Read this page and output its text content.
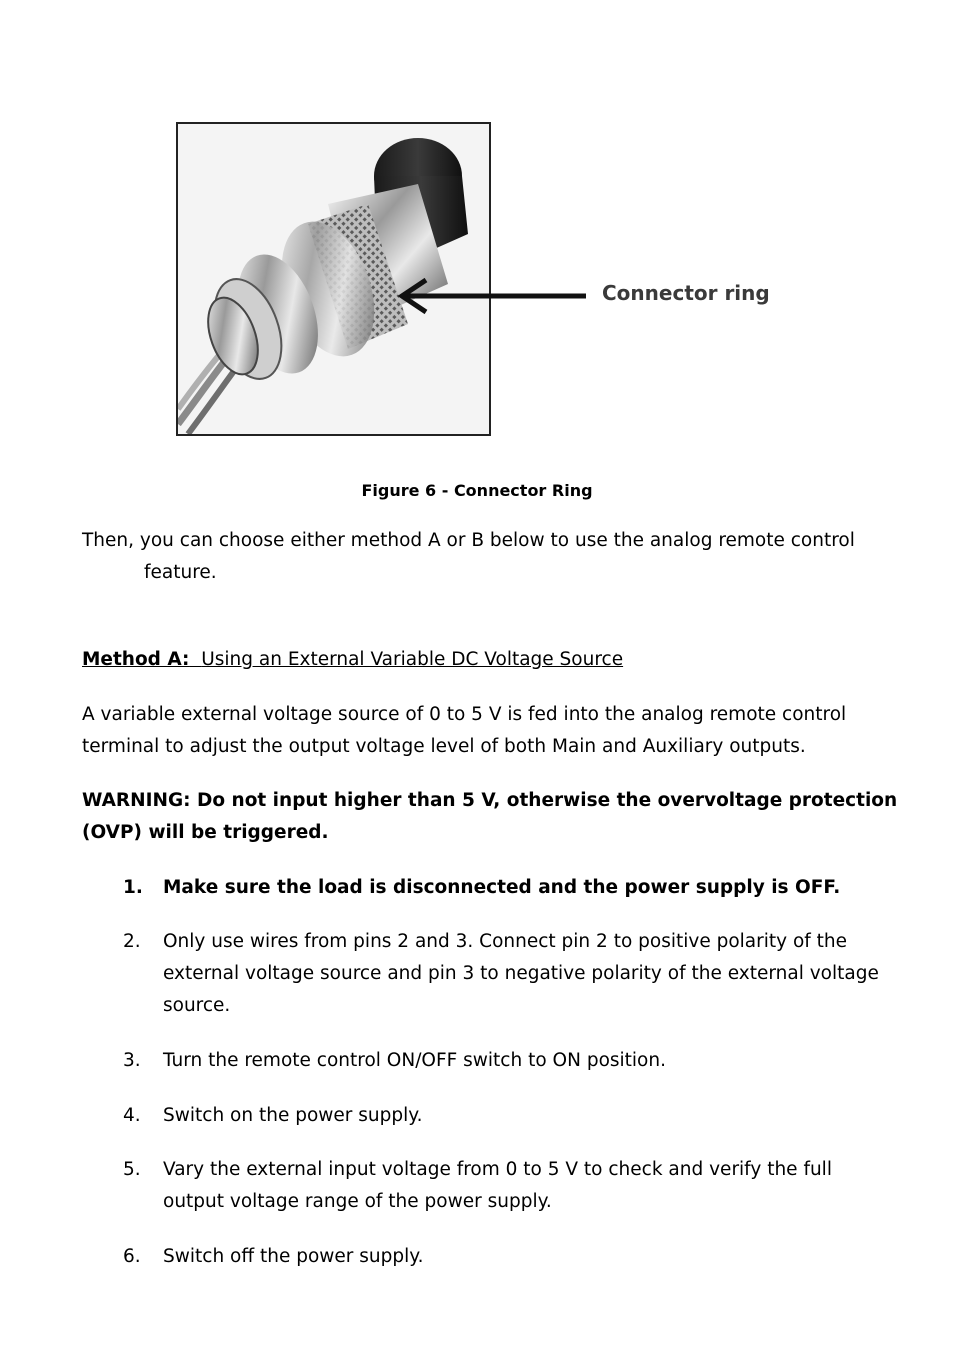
Connector ring
Figure 6 - Connector Ring
Then, you can choose either method A or B below to use the analog remote control
feature.
Method A: Using an External Variable DC Voltage Source
A variable external voltage source of 0 to 5 V is fed into the analog remote control
terminal to adjust the output voltage level of both Main and Auxiliary outputs.
WARNING: Do not input higher than 5 V, otherwise the overvoltage protection
(OVP) will be triggered.
1. Make sure the load is disconnected and the power supply is OFF.
2. Only use wires from pins 2 and 3. Connect pin 2 to positive polarity of the
external voltage source and pin 3 to negative polarity of the external voltage
source.
3. Turn the remote control ON/OFF switch to ON position.
4. Switch on the power supply.
5. Vary the external input voltage from 0 to 5 V to check and verify the full
output voltage range of the power supply.
6. Switch off the power supply.
